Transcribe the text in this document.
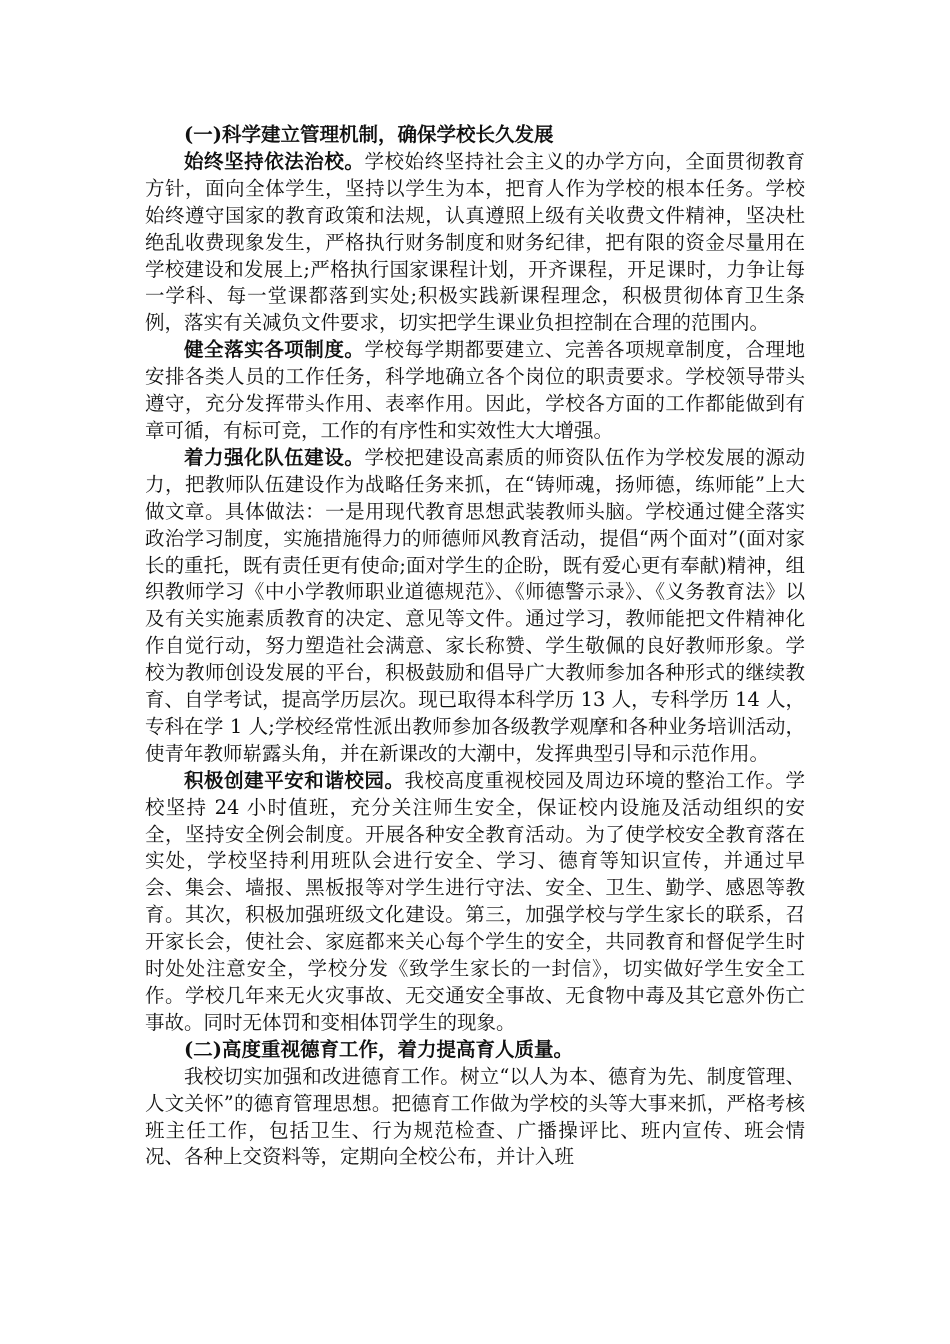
(一)科学建立管理机制，确保学校长久发展

始终坚持依法治校。学校始终坚持社会主义的办学方向，全面贯彻教育方针，面向全体学生，坚持以学生为本，把育人作为学校的根本任务。学校始终遵守国家的教育政策和法规，认真遵照上级有关收费文件精神，坚决杜绝乱收费现象发生，严格执行财务制度和财务纪律，把有限的资金尽量用在学校建设和发展上;严格执行国家课程计划，开齐课程，开足课时，力争让每一学科、每一堂课都落到实处;积极实践新课程理念，积极贯彻体育卫生条例，落实有关减负文件要求，切实把学生课业负担控制在合理的范围内。

健全落实各项制度。学校每学期都要建立、完善各项规章制度，合理地安排各类人员的工作任务，科学地确立各个岗位的职责要求。学校领导带头遵守，充分发挥带头作用、表率作用。因此，学校各方面的工作都能做到有章可循，有标可竞，工作的有序性和实效性大大增强。

着力强化队伍建设。学校把建设高素质的师资队伍作为学校发展的源动力，把教师队伍建设作为战略任务来抓，在“铸师魂，扬师德，练师能”上大做文章。具体做法：一是用现代教育思想武装教师头脑。学校通过健全落实政治学习制度，实施措施得力的师德师风教育活动，提倡“两个面对”(面对家长的重托，既有责任更有使命;面对学生的企盼，既有爱心更有奉献)精神，组织教师学习《中小学教师职业道德规范》、《师德警示录》、《义务教育法》以及有关实施素质教育的决定、意见等文件。通过学习，教师能把文件精神化作自觉行动，努力塑造社会满意、家长称赞、学生敬佩的良好教师形象。学校为教师创设发展的平台，积极鼓励和倡导广大教师参加各种形式的继续教育、自学考试，提高学历层次。现已取得本科学历 13 人，专科学历 14 人，专科在学 1 人;学校经常性派出教师参加各级教学观摩和各种业务培训活动，使青年教师崭露头角，并在新课改的大潮中，发挥典型引导和示范作用。

积极创建平安和谐校园。我校高度重视校园及周边环境的整治工作。学校坚持 24 小时值班，充分关注师生安全，保证校内设施及活动组织的安全，坚持安全例会制度。开展各种安全教育活动。为了使学校安全教育落在实处，学校坚持利用班队会进行安全、学习、德育等知识宣传，并通过早会、集会、墙报、黑板报等对学生进行守法、安全、卫生、勤学、感恩等教育。其次，积极加强班级文化建设。第三，加强学校与学生家长的联系，召开家长会，使社会、家庭都来关心每个学生的安全，共同教育和督促学生时时处处注意安全，学校分发《致学生家长的一封信》，切实做好学生安全工作。学校几年来无火灾事故、无交通安全事故、无食物中毒及其它意外伤亡事故。同时无体罚和变相体罚学生的现象。

(二)高度重视德育工作，着力提高育人质量。

我校切实加强和改进德育工作。树立“以人为本、德育为先、制度管理、人文关怀”的德育管理思想。把德育工作做为学校的头等大事来抓，严格考核班主任工作，包括卫生、行为规范检查、广播操评比、班内宣传、班会情况、各种上交资料等，定期向全校公布，并计入班
